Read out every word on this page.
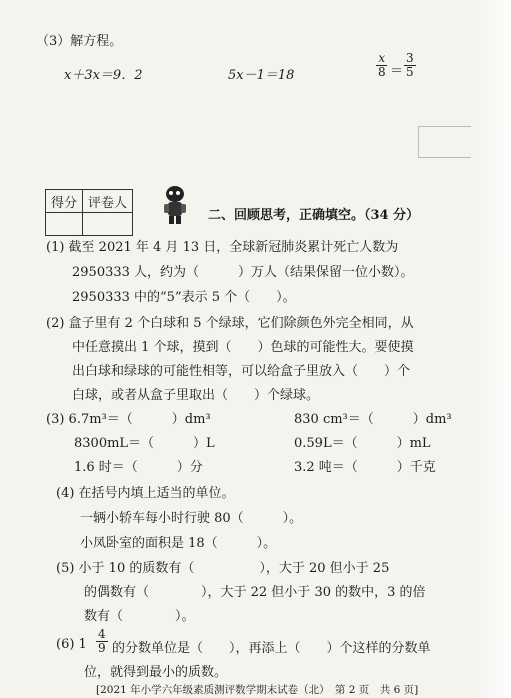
（3）解方程。
x＋3x＝9．2	5x－1＝18	$\frac{x}{8} = \frac{3}{5}$
得分	评卷人

二、回顾思考，正确填空。（34 分）
(1) 截至 2021 年 4 月 13 日，全球新冠肺炎累计死亡人数为
2950333 人，约为（　　　）万人（结果保留一位小数）。
2950333 中的“5”表示 5 个（　　）。
(2) 盒子里有 2 个白球和 5 个绿球，它们除颜色外完全相同，从
中任意摸出 1 个球，摸到（　　）色球的可能性大。要使摸
出白球和绿球的可能性相等，可以给盒子里放入（　　）个
白球，或者从盒子里取出（　　）个绿球。
(3) 6.7m³＝（　　　）dm³	830 cm³＝（　　　）dm³
8300mL＝（　　　）L	0.59L＝（　　　）mL
1.6 时＝（　　　）分	3.2 吨＝（　　　）千克
(4) 在括号内填上适当的单位。
一辆小轿车每小时行驶 80（　　　）。
小凤卧室的面积是 18（　　　）。
(5) 小于 10 的质数有（　　　　　），大于 20 但小于 25
的偶数有（　　　　），大于 22 但小于 30 的数中，3 的倍
数有（　　　　）。
(6) $1 \frac{4}{9}$ 的分数单位是（　　），再添上（　　）个这样的分数单
位，就得到最小的质数。
[2021 年小学六年级素质测评数学期末试卷（北）　第 2 页　共 6 页]
